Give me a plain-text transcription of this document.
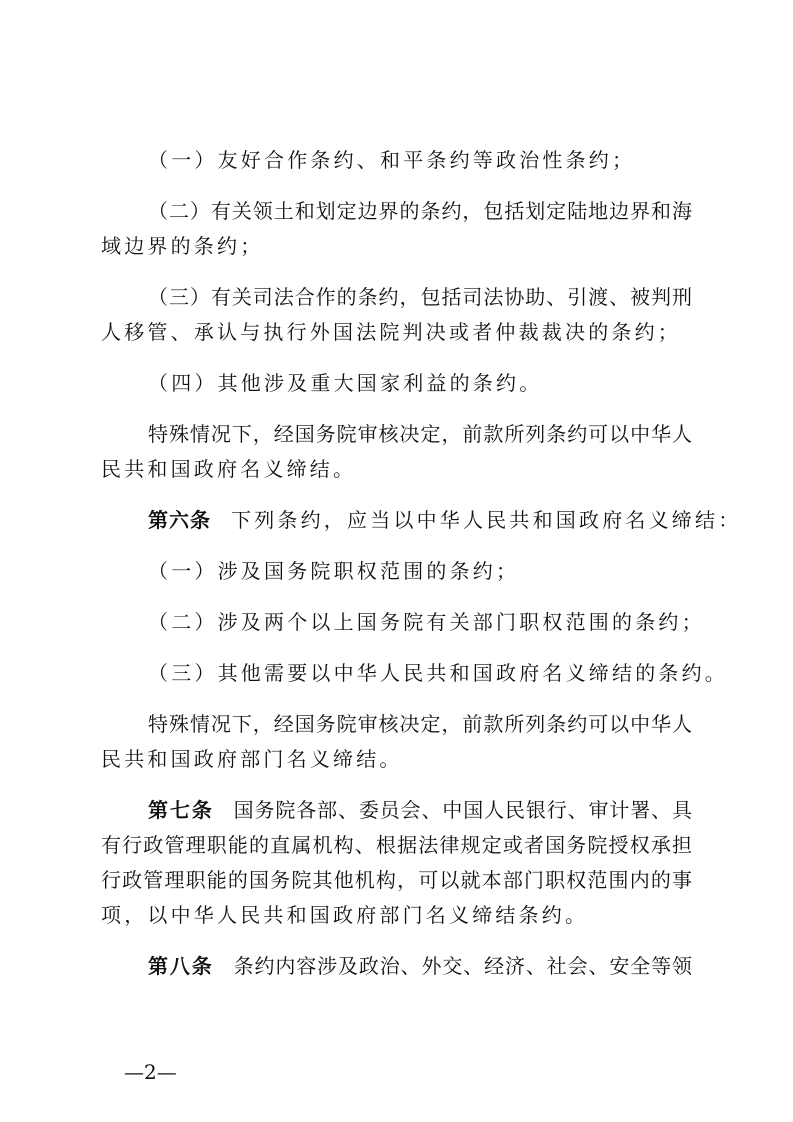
（一）友好合作条约、和平条约等政治性条约；
（二）有关领土和划定边界的条约，包括划定陆地边界和海
域边界的条约；
（三）有关司法合作的条约，包括司法协助、引渡、被判刑
人移管、承认与执行外国法院判决或者仲裁裁决的条约；
（四）其他涉及重大国家利益的条约。
特殊情况下，经国务院审核决定，前款所列条约可以中华人
民共和国政府名义缔结。
第六条 下列条约，应当以中华人民共和国政府名义缔结：
（一）涉及国务院职权范围的条约；
（二）涉及两个以上国务院有关部门职权范围的条约；
（三）其他需要以中华人民共和国政府名义缔结的条约。
特殊情况下，经国务院审核决定，前款所列条约可以中华人
民共和国政府部门名义缔结。
第七条 国务院各部、委员会、中国人民银行、审计署、具
有行政管理职能的直属机构、根据法律规定或者国务院授权承担
行政管理职能的国务院其他机构，可以就本部门职权范围内的事
项，以中华人民共和国政府部门名义缔结条约。
第八条 条约内容涉及政治、外交、经济、社会、安全等领
—2—
